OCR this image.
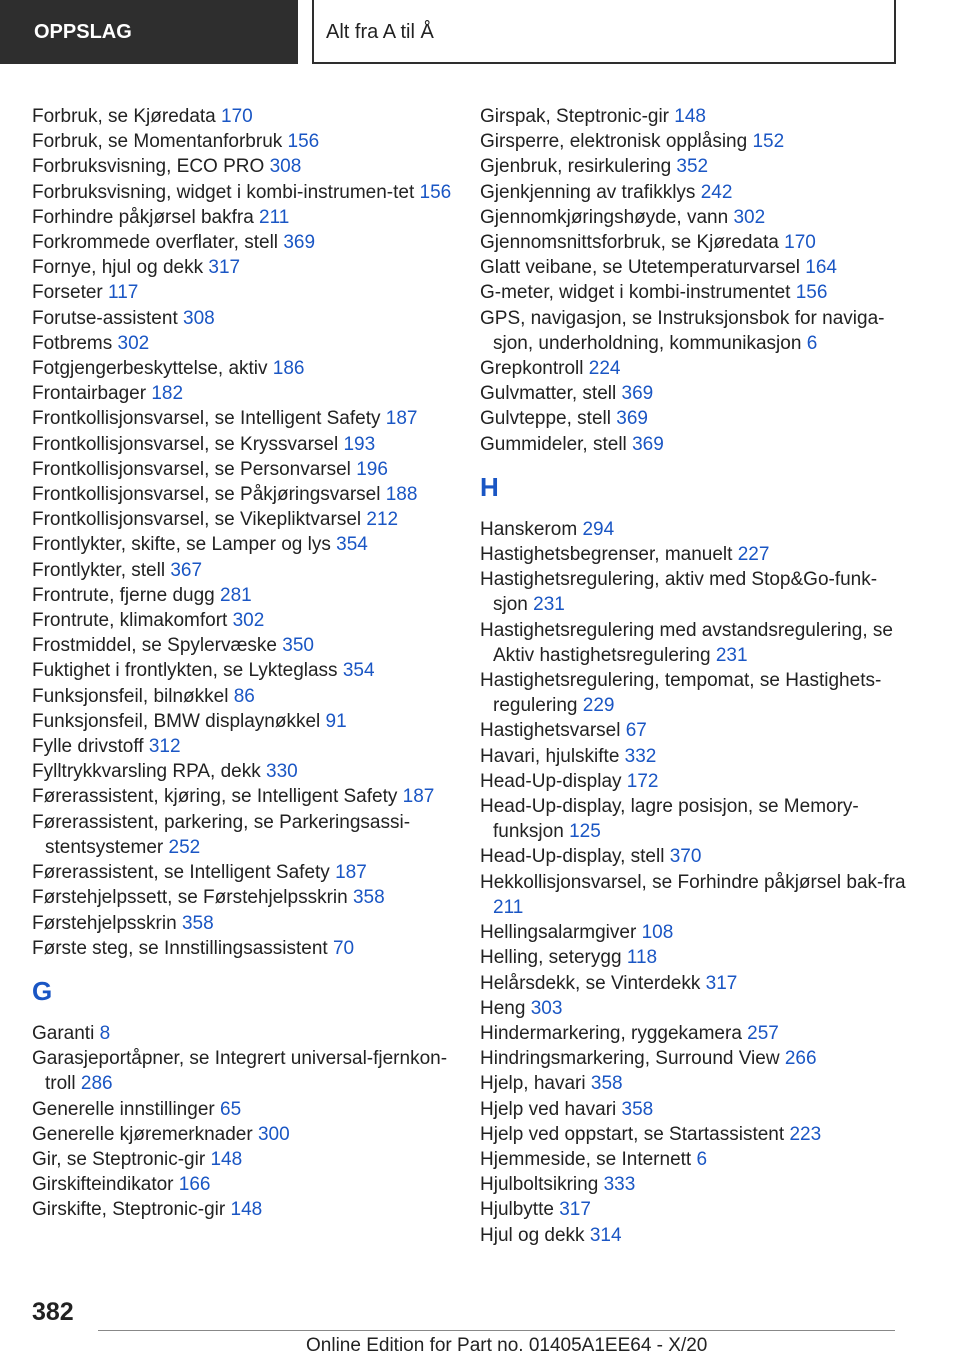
OPPSLAG	Alt fra A til Å
Forbruk, se Kjøredata 170
Forbruk, se Momentanforbruk 156
Forbruksvisning, ECO PRO 308
Forbruksvisning, widget i kombi-instrumen-tet 156
Forhindre påkjørsel bakfra 211
Forkrommede overflater, stell 369
Fornye, hjul og dekk 317
Forseter 117
Forutse-assistent 308
Fotbrems 302
Fotgjengerbeskyttelse, aktiv 186
Frontairbager 182
Frontkollisjonsvarsel, se Intelligent Safety 187
Frontkollisjonsvarsel, se Kryssvarsel 193
Frontkollisjonsvarsel, se Personvarsel 196
Frontkollisjonsvarsel, se Påkjøringsvarsel 188
Frontkollisjonsvarsel, se Vikepliktvarsel 212
Frontlykter, skifte, se Lamper og lys 354
Frontlykter, stell 367
Frontrute, fjerne dugg 281
Frontrute, klimakomfort 302
Frostmiddel, se Spylervæske 350
Fuktighet i frontlykten, se Lykteglass 354
Funksjonsfeil, bilnøkkel 86
Funksjonsfeil, BMW displaynøkkel 91
Fylle drivstoff 312
Fylltrykkvarsling RPA, dekk 330
Førerassistent, kjøring, se Intelligent Safety 187
Førerassistent, parkering, se Parkeringsassi-stentsystemer 252
Førerassistent, se Intelligent Safety 187
Førstehjelpssett, se Førstehjelpsskrin 358
Førstehjelpsskrin 358
Første steg, se Innstillingsassistent 70
G
Garanti 8
Garasjeportåpner, se Integrert universal-fjernkon-troll 286
Generelle innstillinger 65
Generelle kjøremerknader 300
Gir, se Steptronic-gir 148
Girskifteindikator 166
Girskifte, Steptronic-gir 148
Girspak, Steptronic-gir 148
Girsperre, elektronisk opplåsing 152
Gjenbruk, resirkulering 352
Gjenkjenning av trafikklys 242
Gjennomkjøringshøyde, vann 302
Gjennomsnittsforbruk, se Kjøredata 170
Glatt veibane, se Utetemperaturvarsel 164
G-meter, widget i kombi-instrumentet 156
GPS, navigasjon, se Instruksjonsbok for naviga-sjon, underholdning, kommunikasjon 6
Grepkontroll 224
Gulvmatter, stell 369
Gulvteppe, stell 369
Gummideler, stell 369
H
Hanskerom 294
Hastighetsbegrenser, manuelt 227
Hastighetsregulering, aktiv med Stop&Go-funk-sjon 231
Hastighetsregulering med avstandsregulering, se Aktiv hastighetsregulering 231
Hastighetsregulering, tempomat, se Hastighets-regulering 229
Hastighetsvarsel 67
Havari, hjulskifte 332
Head-Up-display 172
Head-Up-display, lagre posisjon, se Memory-funksjon 125
Head-Up-display, stell 370
Hekkollisjonsvarsel, se Forhindre påkjørsel bak-fra 211
Hellingsalarmgiver 108
Helling, seterygg 118
Helårsdekk, se Vinterdekk 317
Heng 303
Hindermarkering, ryggekamera 257
Hindringsmarkering, Surround View 266
Hjelp, havari 358
Hjelp ved havari 358
Hjelp ved oppstart, se Startassistent 223
Hjemmeside, se Internett 6
Hjulboltsikring 333
Hjulbytte 317
Hjul og dekk 314
382
Online Edition for Part no. 01405A1EE64 - X/20
